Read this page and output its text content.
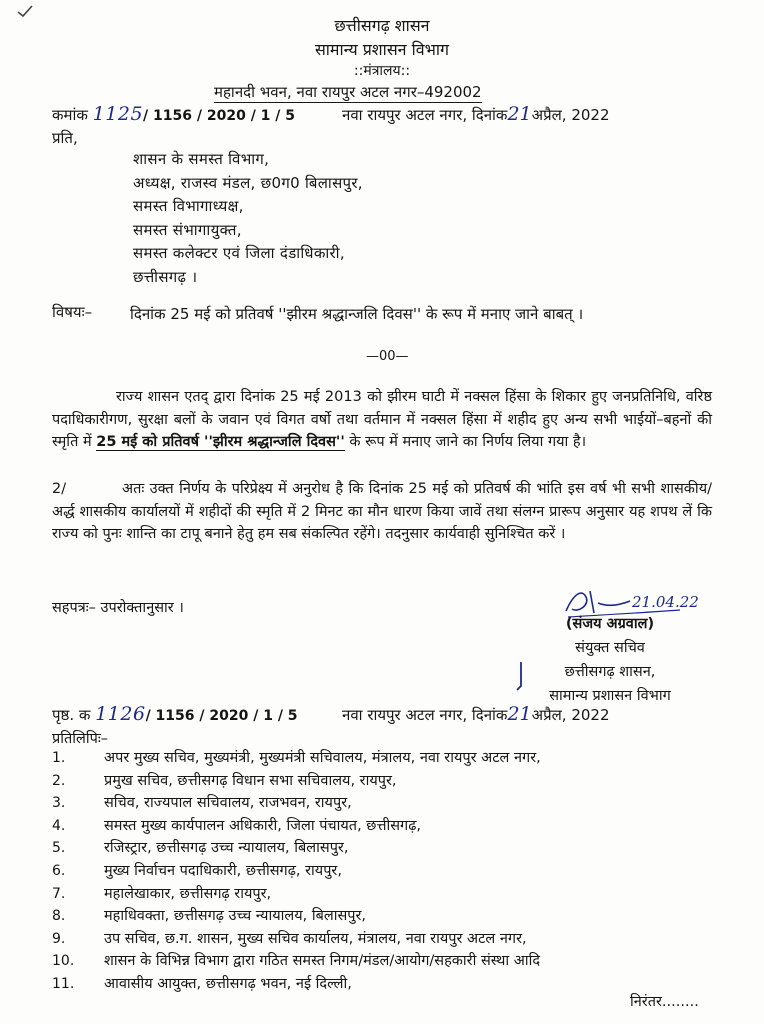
छत्तीसगढ़ शासन
सामान्य प्रशासन विभाग
::मंत्रालय::
महानदी भवन, नवा रायपुर अटल नगर–492002
कमांक 1125/ 1156 / 2020 / 1 / 5	नवा रायपुर अटल नगर, दिनांक21अप्रैल, 2022
प्रति,
शासन के समस्त विभाग,
अध्यक्ष, राजस्व मंडल, छ0ग0 बिलासपुर,
समस्त विभागाध्यक्ष,
समस्त संभागायुक्त,
समस्त कलेक्टर एवं जिला दंडाधिकारी,
छत्तीसगढ़ ।
विषयः–	दिनांक 25 मई को प्रतिवर्ष ''झीरम श्रद्धान्जलि दिवस'' के रूप में मनाए जाने बाबत् ।
—00—
राज्य शासन एतद् द्वारा दिनांक 25 मई 2013 को झीरम घाटी में नक्सल हिंसा के शिकार हुए जनप्रतिनिधि, वरिष्ठ पदाधिकारीगण, सुरक्षा बलों के जवान एवं विगत वर्षो तथा वर्तमान में नक्सल हिंसा में शहीद हुए अन्य सभी भाईयों–बहनों की स्मृति में 25 मई को प्रतिवर्ष ''झीरम श्रद्धान्जलि दिवस'' के रूप में मनाए जाने का निर्णय लिया गया है।
2/	अतः उक्त निर्णय के परिप्रेक्ष्य में अनुरोध है कि दिनांक 25 मई को प्रतिवर्ष की भांति इस वर्ष भी सभी शासकीय/अर्द्ध शासकीय कार्यालयों में शहीदों की स्मृति में 2 मिनट का मौन धारण किया जावें तथा संलग्न प्रारूप अनुसार यह शपथ लें कि राज्य को पुनः शान्ति का टापू बनाने हेतु हम सब संकल्पित रहेंगे। तदनुसार कार्यवाही सुनिश्चित करें ।
सहपत्रः– उपरोक्तानुसार ।	21.04.22
(संजय अग्रवाल)
संयुक्त सचिव
छत्तीसगढ़ शासन,
सामान्य प्रशासन विभाग
पृष्ठ. क 1126/ 1156 / 2020 / 1 / 5	नवा रायपुर अटल नगर, दिनांक21अप्रैल, 2022
प्रतिलिपिः–
1.	अपर मुख्य सचिव, मुख्यमंत्री, मुख्यमंत्री सचिवालय, मंत्रालय, नवा रायपुर अटल नगर,
2.	प्रमुख सचिव, छत्तीसगढ़ विधान सभा सचिवालय, रायपुर,
3.	सचिव, राज्यपाल सचिवालय, राजभवन, रायपुर,
4.	समस्त मुख्य कार्यपालन अधिकारी, जिला पंचायत, छत्तीसगढ़,
5.	रजिस्ट्रार, छत्तीसगढ़ उच्च न्यायालय, बिलासपुर,
6.	मुख्य निर्वाचन पदाधिकारी, छत्तीसगढ़, रायपुर,
7.	महालेखाकार, छत्तीसगढ़ रायपुर,
8.	महाधिवक्ता, छत्तीसगढ़ उच्च न्यायालय, बिलासपुर,
9.	उप सचिव, छ.ग. शासन, मुख्य सचिव कार्यालय, मंत्रालय, नवा रायपुर अटल नगर,
10. शासन के विभिन्न विभाग द्वारा गठित समस्त निगम/मंडल/आयोग/सहकारी संस्था आदि
11. आवासीय आयुक्त, छत्तीसगढ़ भवन, नई दिल्ली,
निरंतर........
